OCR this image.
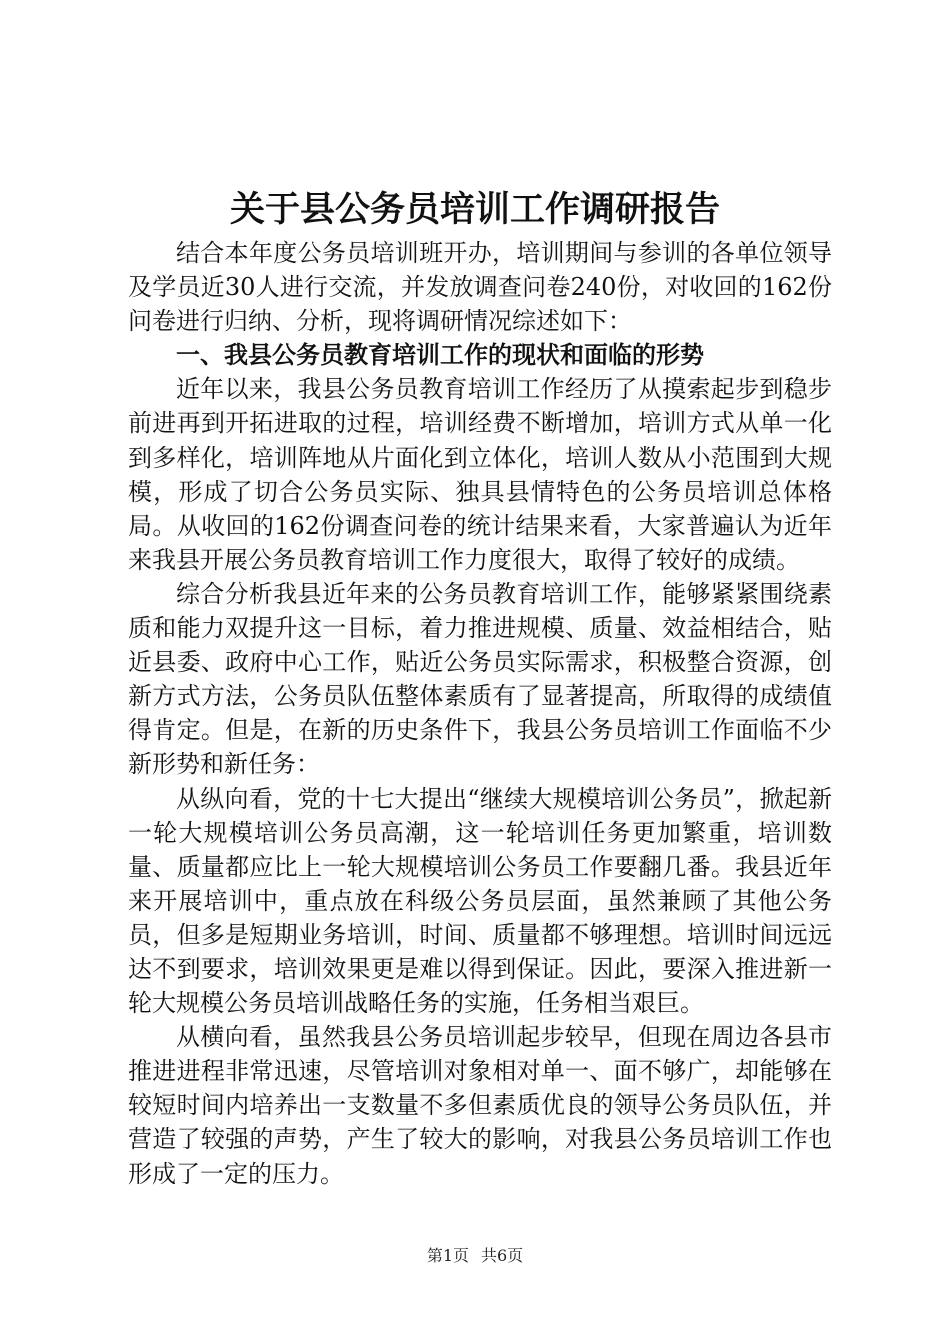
关于县公务员培训工作调研报告

结合本年度公务员培训班开办，培训期间与参训的各单位领导及学员近30人进行交流，并发放调查问卷240份，对收回的162份问卷进行归纳、分析，现将调研情况综述如下：

一、我县公务员教育培训工作的现状和面临的形势

近年以来，我县公务员教育培训工作经历了从摸索起步到稳步前进再到开拓进取的过程，培训经费不断增加，培训方式从单一化到多样化，培训阵地从片面化到立体化，培训人数从小范围到大规模，形成了切合公务员实际、独具县情特色的公务员培训总体格局。从收回的162份调查问卷的统计结果来看，大家普遍认为近年来我县开展公务员教育培训工作力度很大，取得了较好的成绩。

综合分析我县近年来的公务员教育培训工作，能够紧紧围绕素质和能力双提升这一目标，着力推进规模、质量、效益相结合，贴近县委、政府中心工作，贴近公务员实际需求，积极整合资源，创新方式方法，公务员队伍整体素质有了显著提高，所取得的成绩值得肯定。但是，在新的历史条件下，我县公务员培训工作面临不少新形势和新任务：

从纵向看，党的十七大提出“继续大规模培训公务员”，掀起新一轮大规模培训公务员高潮，这一轮培训任务更加繁重，培训数量、质量都应比上一轮大规模培训公务员工作要翻几番。我县近年来开展培训中，重点放在科级公务员层面，虽然兼顾了其他公务员，但多是短期业务培训，时间、质量都不够理想。培训时间远远达不到要求，培训效果更是难以得到保证。因此，要深入推进新一轮大规模公务员培训战略任务的实施，任务相当艰巨。

从横向看，虽然我县公务员培训起步较早，但现在周边各县市推进进程非常迅速，尽管培训对象相对单一、面不够广，却能够在较短时间内培养出一支数量不多但素质优良的领导公务员队伍，并营造了较强的声势，产生了较大的影响，对我县公务员培训工作也形成了一定的压力。

第1页 共6页
